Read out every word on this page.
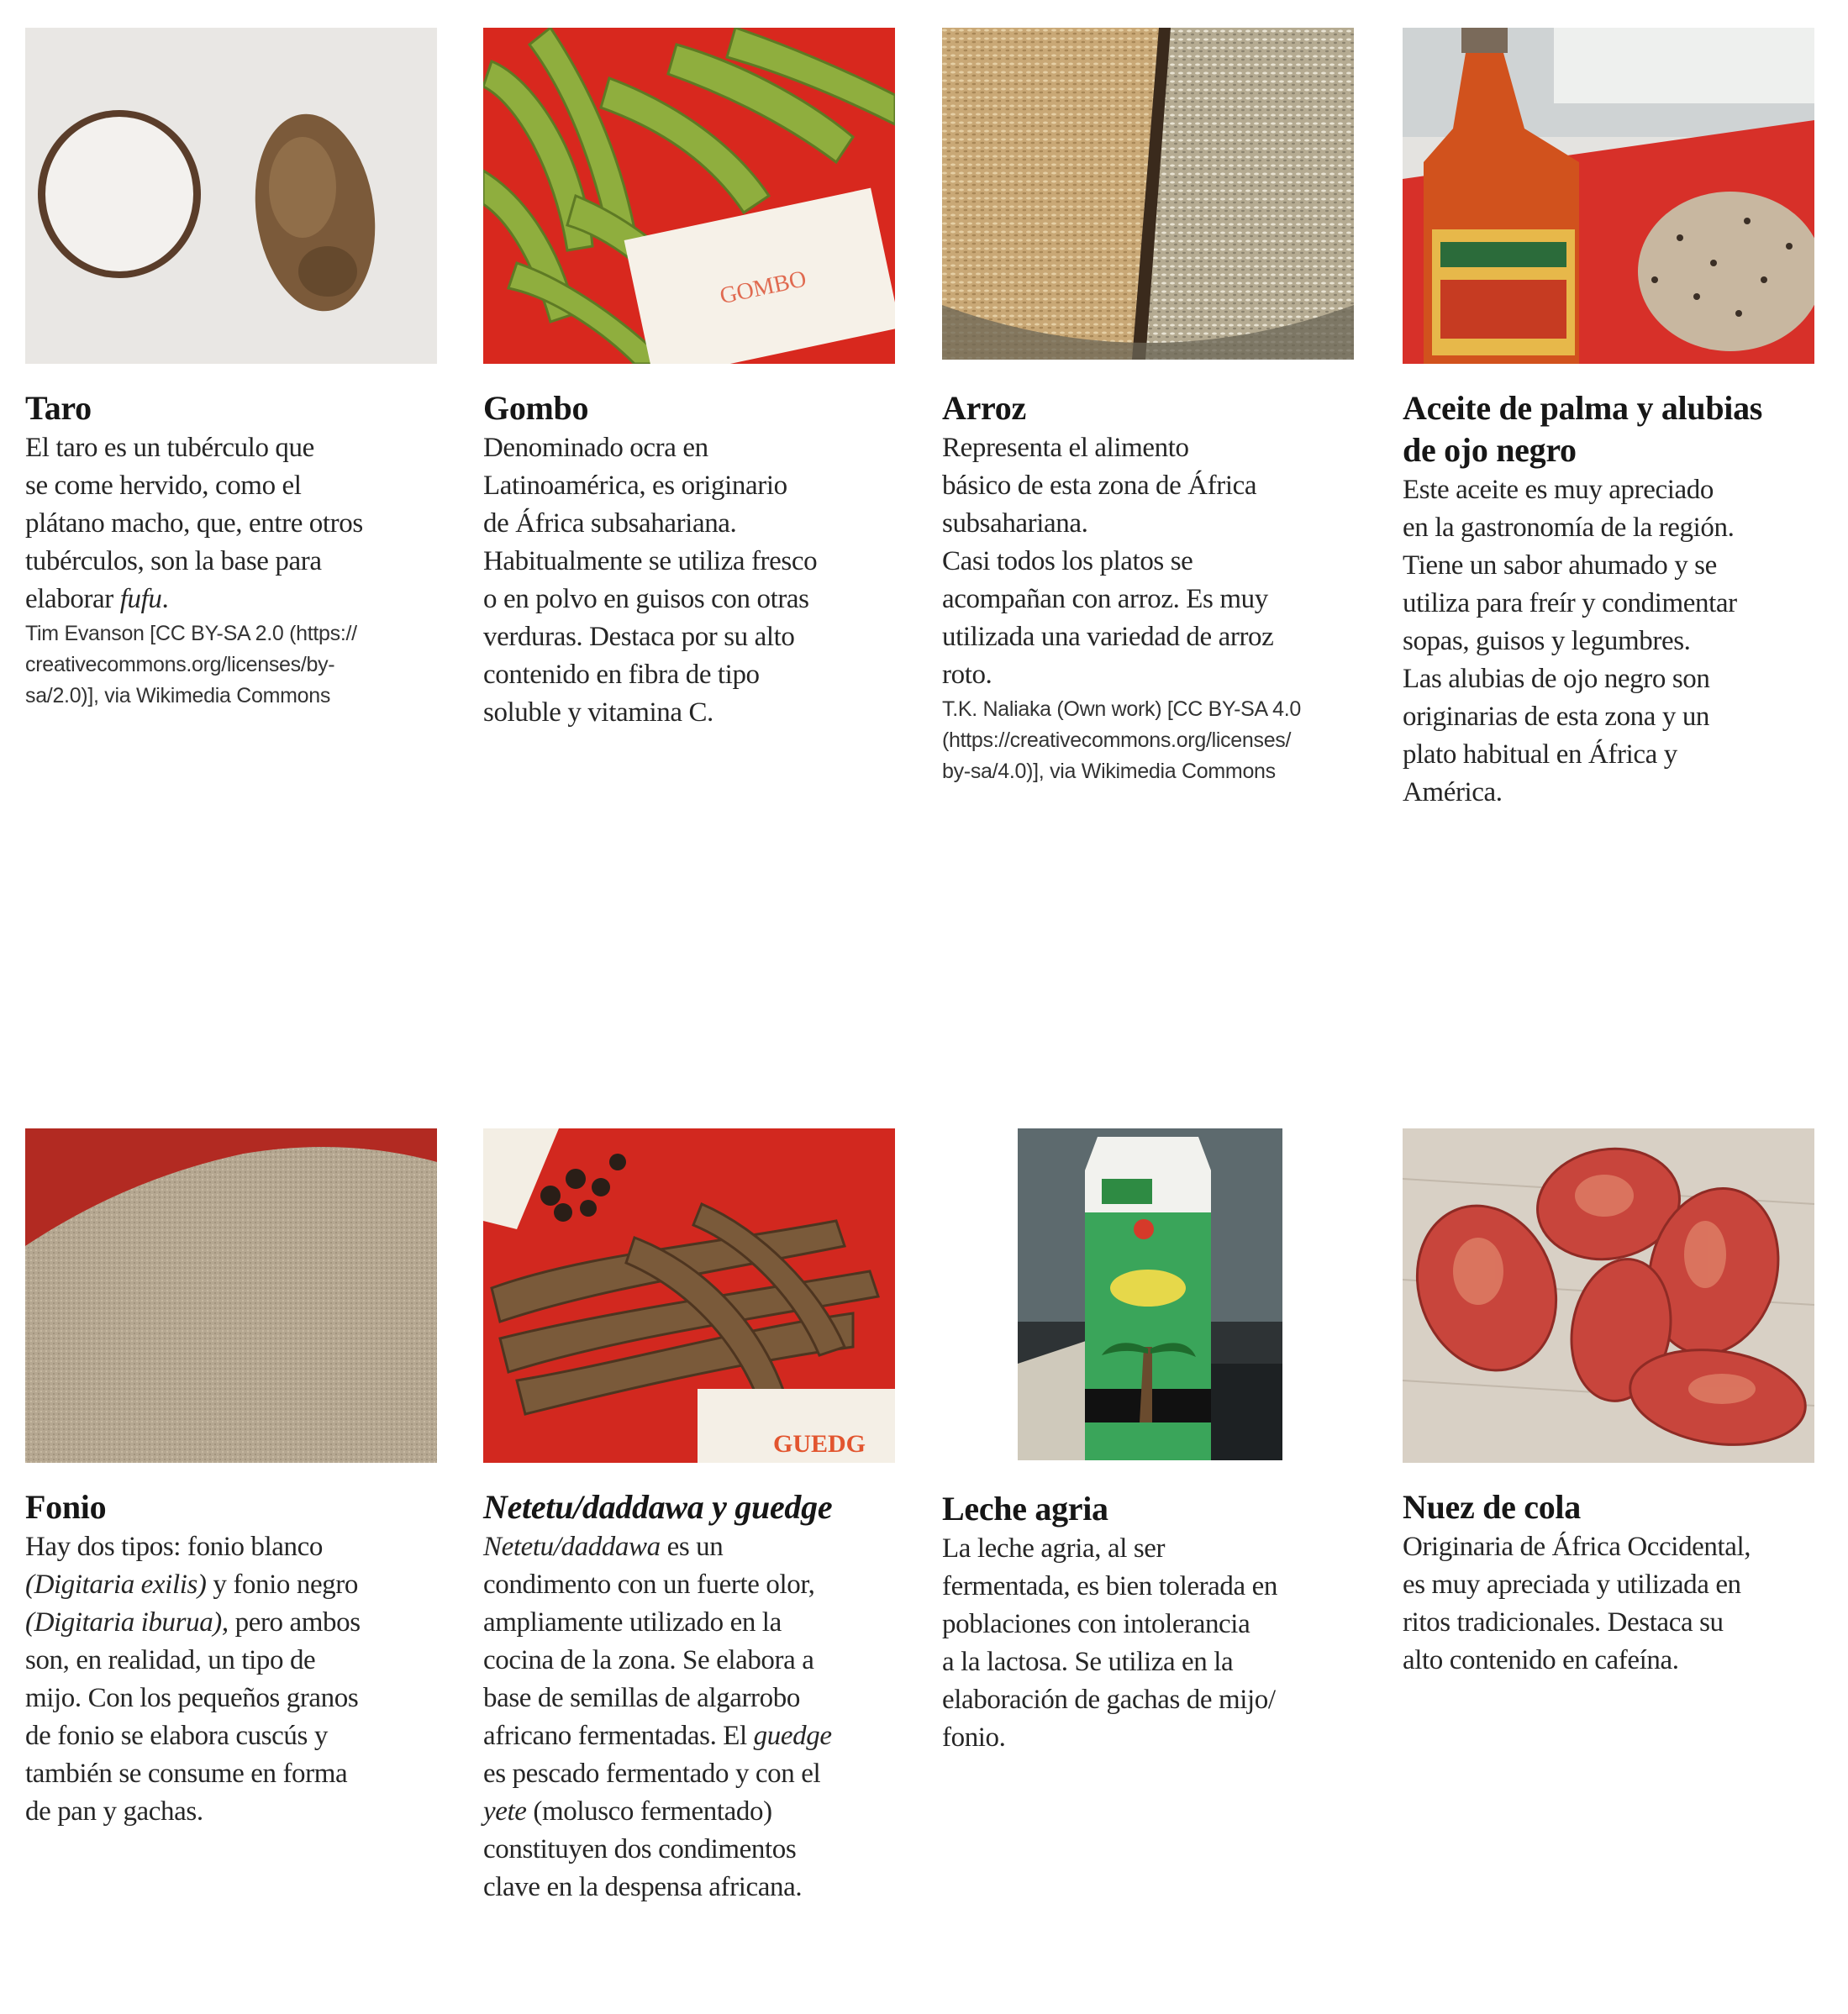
Taro

El taro es un tubérculo que
se come hervido, como el
plátano macho, que, entre otros
tubérculos, son la base para
elaborar fufu.

Tim Evanson [CC BY-SA 2.0 (https://
creativecommons.org/licenses/by-
sa/2.0)], via Wikimedia Commons

GOMBO

Gombo

Denominado ocra en
Latinoamérica, es originario
de África subsahariana.
Habitualmente se utiliza fresco
o en polvo en guisos con otras
verduras. Destaca por su alto
contenido en fibra de tipo
soluble y vitamina C.

Arroz

Representa el alimento
básico de esta zona de África
subsahariana.
Casi todos los platos se
acompañan con arroz. Es muy
utilizada una variedad de arroz
roto.

T.K. Naliaka (Own work) [CC BY-SA 4.0
(https://creativecommons.org/licenses/
by-sa/4.0)], via Wikimedia Commons

Aceite de palma y alubias
de ojo negro

Este aceite es muy apreciado
en la gastronomía de la región.
Tiene un sabor ahumado y se
utiliza para freír y condimentar
sopas, guisos y legumbres.
Las alubias de ojo negro son
originarias de esta zona y un
plato habitual en África y
América.

Fonio

Hay dos tipos: fonio blanco
(Digitaria exilis) y fonio negro
(Digitaria iburua), pero ambos
son, en realidad, un tipo de
mijo. Con los pequeños granos
de fonio se elabora cuscús y
también se consume en forma
de pan y gachas.

GUEDG

Netetu/daddawa y guedge

Netetu/daddawa es un
condimento con un fuerte olor,
ampliamente utilizado en la
cocina de la zona. Se elabora a
base de semillas de algarrobo
africano fermentadas. El guedge
es pescado fermentado y con el
yete (molusco fermentado)
constituyen dos condimentos
clave en la despensa africana.

Leche agria

La leche agria, al ser
fermentada, es bien tolerada en
poblaciones con intolerancia
a la lactosa. Se utiliza en la
elaboración de gachas de mijo/
fonio.

Nuez de cola

Originaria de África Occidental,
es muy apreciada y utilizada en
ritos tradicionales. Destaca su
alto contenido en cafeína.
